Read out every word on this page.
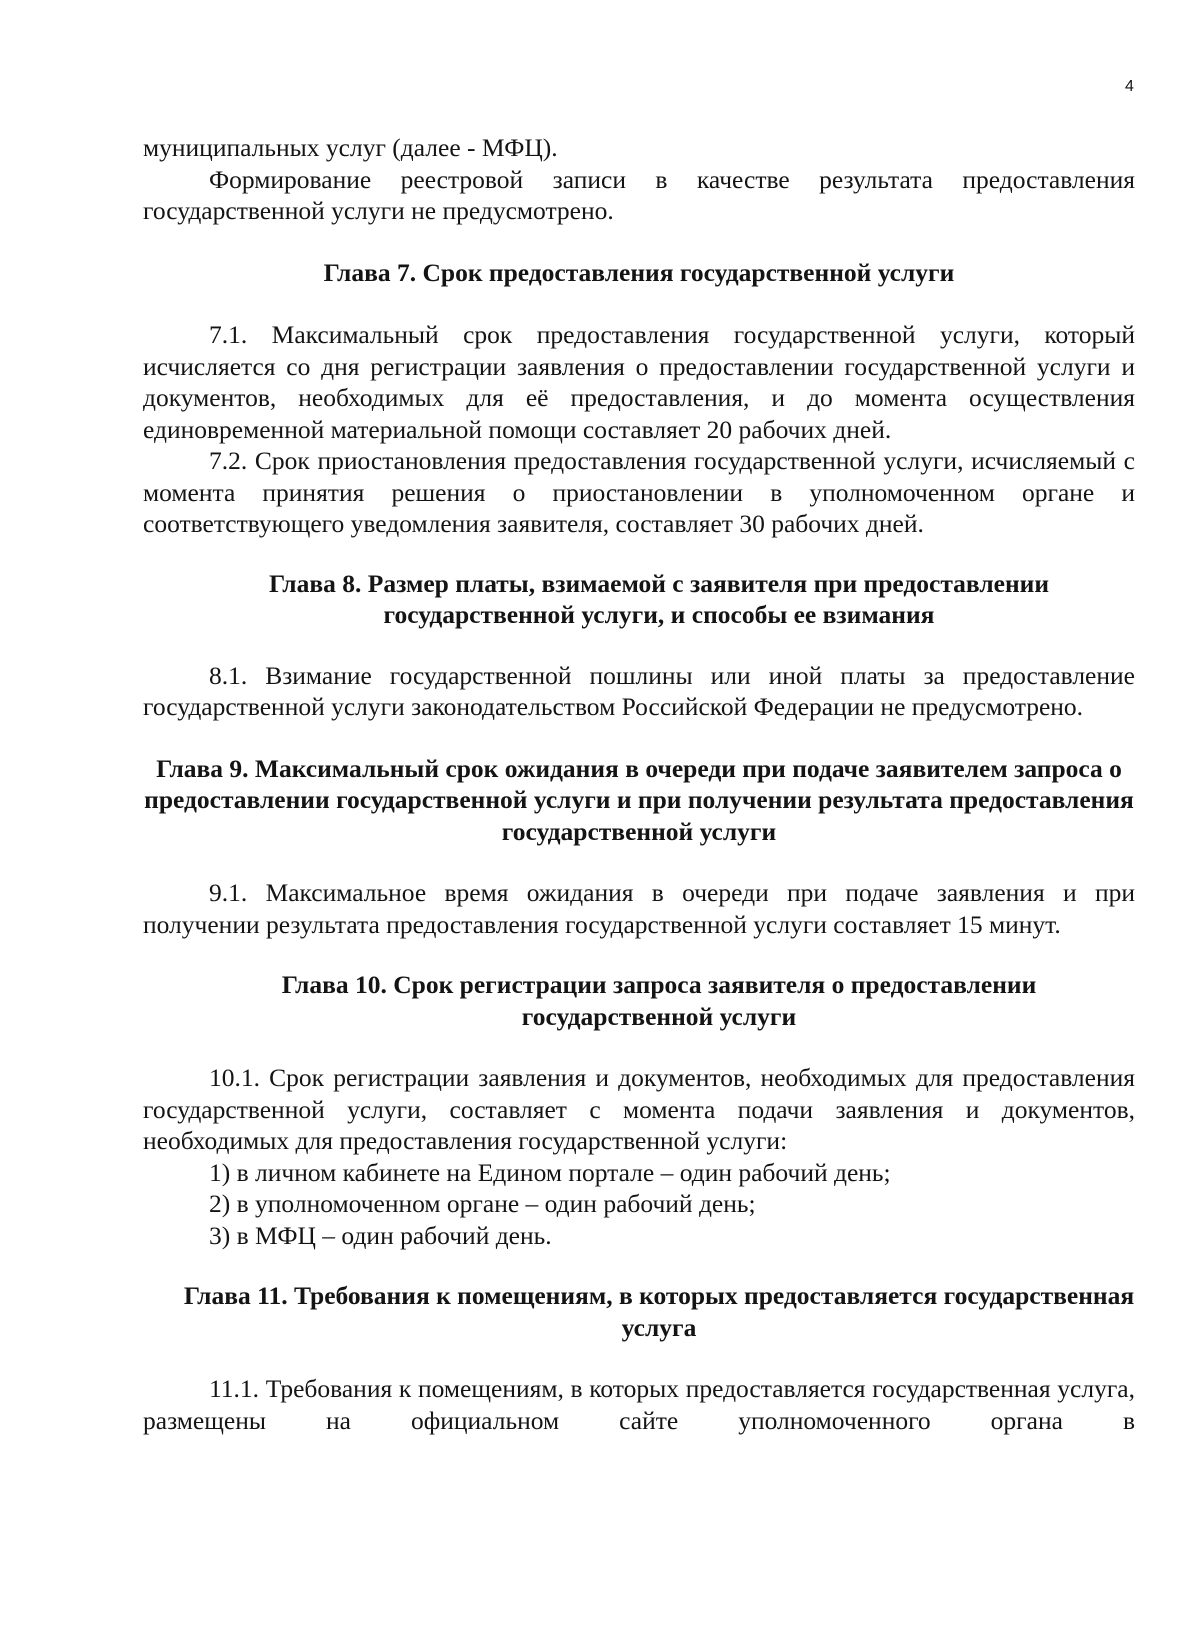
4

муниципальных услуг (далее - МФЦ).

Формирование реестровой записи в качестве результата предоставления государственной услуги не предусмотрено.

Глава 7. Срок предоставления государственной услуги

7.1. Максимальный срок предоставления государственной услуги, который исчисляется со дня регистрации заявления о предоставлении государственной услуги и документов, необходимых для её предоставления, и до момента осуществления единовременной материальной помощи составляет 20 рабочих дней.

7.2. Срок приостановления предоставления государственной услуги, исчисляемый с момента принятия решения о приостановлении в уполномоченном органе и соответствующего уведомления заявителя, составляет 30 рабочих дней.

Глава 8. Размер платы, взимаемой с заявителя при предоставлении государственной услуги, и способы ее взимания

8.1. Взимание государственной пошлины или иной платы за предоставление государственной услуги законодательством Российской Федерации не предусмотрено.

Глава 9. Максимальный срок ожидания в очереди при подаче заявителем запроса о предоставлении государственной услуги и при получении результата предоставления государственной услуги

9.1. Максимальное время ожидания в очереди при подаче заявления и при получении результата предоставления государственной услуги составляет 15 минут.

Глава 10. Срок регистрации запроса заявителя о предоставлении государственной услуги

10.1. Срок регистрации заявления и документов, необходимых для предоставления государственной услуги, составляет с момента подачи заявления и документов, необходимых для предоставления государственной услуги:

1) в личном кабинете на Едином портале – один рабочий день;

2) в уполномоченном органе – один рабочий день;

3) в МФЦ – один рабочий день.

Глава 11. Требования к помещениям, в которых предоставляется государственная услуга

11.1. Требования к помещениям, в которых предоставляется государственная услуга, размещены на официальном сайте уполномоченного органа в
